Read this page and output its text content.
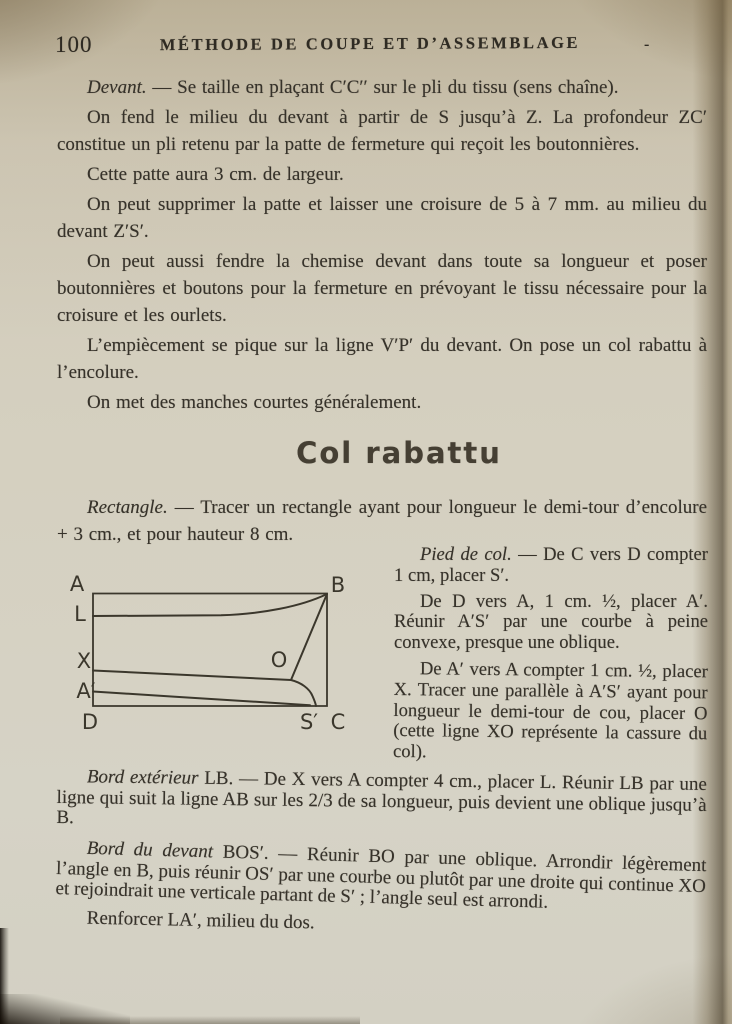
100	MÉTHODE DE COUPE ET D’ASSEMBLAGE	-

Devant. — Se taille en plaçant C′C′′ sur le pli du tissu (sens chaîne).

On fend le milieu du devant à partir de S jusqu’à Z. La profondeur ZC′ constitue un pli retenu par la patte de fermeture qui reçoit les boutonnières.

Cette patte aura 3 cm. de largeur.

On peut supprimer la patte et laisser une croisure de 5 à 7 mm. au milieu du devant Z′S′.

On peut aussi fendre la chemise devant dans toute sa longueur et poser boutonnières et boutons pour la fermeture en prévoyant le tissu nécessaire pour la croisure et les ourlets.

L’empiècement se pique sur la ligne V′P′ du devant. On pose un col rabattu à l’encolure.

On met des manches courtes généralement.

Col rabattu

Rectangle. — Tracer un rectangle ayant pour longueur le demi-tour d’encolure + 3 cm., et pour hauteur 8 cm.

A	B
L
X
A′
D	S′ C
O

Pied de col. — De C vers D compter 1 cm, placer S′.

De D vers A, 1 cm. ½, placer A′. Réunir A′S′ par une courbe à peine convexe, presque une oblique.

De A′ vers A compter 1 cm. ½, placer X. Tracer une parallèle à A′S′ ayant pour longueur le demi-tour de cou, placer O (cette ligne XO représente la cassure du col).

Bord extérieur LB. — De X vers A compter 4 cm., placer L. Réunir LB par une ligne qui suit la ligne AB sur les 2/3 de sa longueur, puis devient une oblique jusqu’à B.

Bord du devant BOS′. — Réunir BO par une oblique. Arrondir légèrement l’angle en B, puis réunir OS′ par une courbe ou plutôt par une droite qui continue XO et rejoindrait une verticale partant de S′ ; l’angle seul est arrondi.

Renforcer LA′, milieu du dos.
